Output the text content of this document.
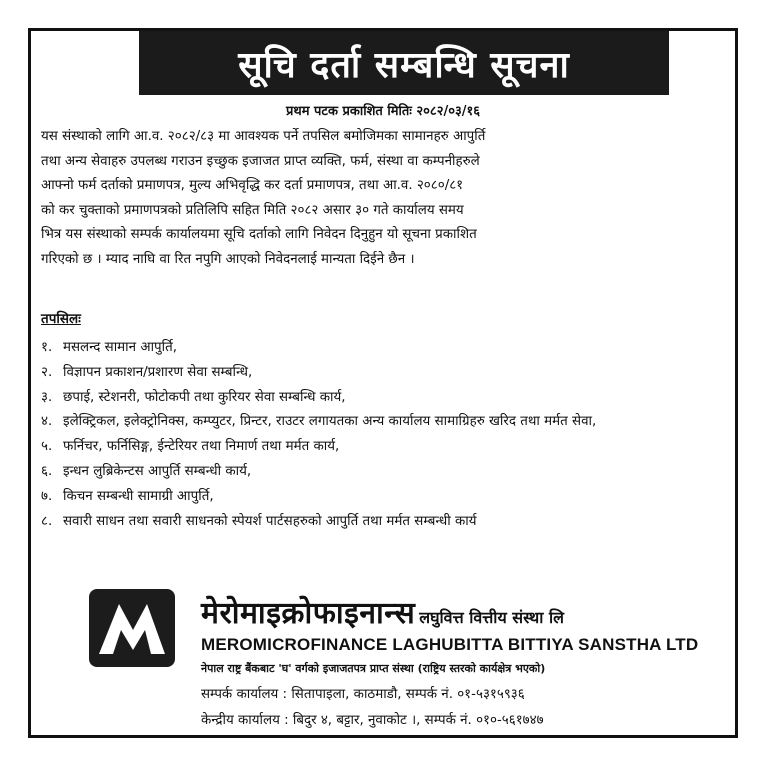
सूचि दर्ता सम्बन्धि सूचना
प्रथम पटक प्रकाशित मितिः २०८२/०३/१६
यस संस्थाको लागि आ.व. २०८२/८३ मा आवश्यक पर्ने तपसिल बमोजिमका सामानहरु आपुर्ति
तथा अन्य सेवाहरु उपलब्ध गराउन इच्छुक इजाजत प्राप्त व्यक्ति, फर्म, संस्था वा कम्पनीहरुले
आफ्नो फर्म दर्ताको प्रमाणपत्र, मुल्य अभिवृद्धि कर दर्ता प्रमाणपत्र, तथा आ.व. २०८०/८१
को कर चुक्ताको प्रमाणपत्रको प्रतिलिपि सहित मिति २०८२ असार ३० गते कार्यालय समय
भित्र यस संस्थाको सम्पर्क कार्यालयमा सूचि दर्ताको लागि निवेदन दिनुहुन यो सूचना प्रकाशित
गरिएको छ । म्याद नाघि वा रित नपुगि आएको निवेदनलाई मान्यता दिईने छैन ।
तपसिलः
१. मसलन्द सामान आपुर्ति,
२. विज्ञापन प्रकाशन/प्रशारण सेवा सम्बन्धि,
३. छपाई, स्टेशनरी, फोटोकपी तथा कुरियर सेवा सम्बन्धि कार्य,
४. इलेक्ट्रिकल, इलेक्ट्रोनिक्स, कम्प्युटर, प्रिन्टर, राउटर लगायतका अन्य कार्यालय सामाग्रिहरु खरिद तथा मर्मत सेवा,
५. फर्निचर, फर्निसिङ्ग, ईन्टेरियर तथा निमार्ण तथा मर्मत कार्य,
६. इन्धन लुब्रिकेन्टस आपुर्ति सम्बन्धी कार्य,
७. किचन सम्बन्धी सामाग्री आपुर्ति,
८. सवारी साधन तथा सवारी साधनको स्पेयर्श पार्टसहरुको आपुर्ति तथा मर्मत सम्बन्धी कार्य
मेरोमाइक्रोफाइनान्स लघुवित्त वित्तीय संस्था लि
MEROMICROFINANCE LAGHUBITTA BITTIYA SANSTHA LTD
नेपाल राष्ट्र बैंकबाट 'घ' वर्गको इजाजतपत्र प्राप्त संस्था (राष्ट्रिय स्तरको कार्यक्षेत्र भएको)
सम्पर्क कार्यालय : सितापाइला, काठमाडौ, सम्पर्क नं. ०१-५३१५९३६
केन्द्रीय कार्यालय : बिदुर ४, बट्टार, नुवाकोट ।, सम्पर्क नं. ०१०-५६१७४७
